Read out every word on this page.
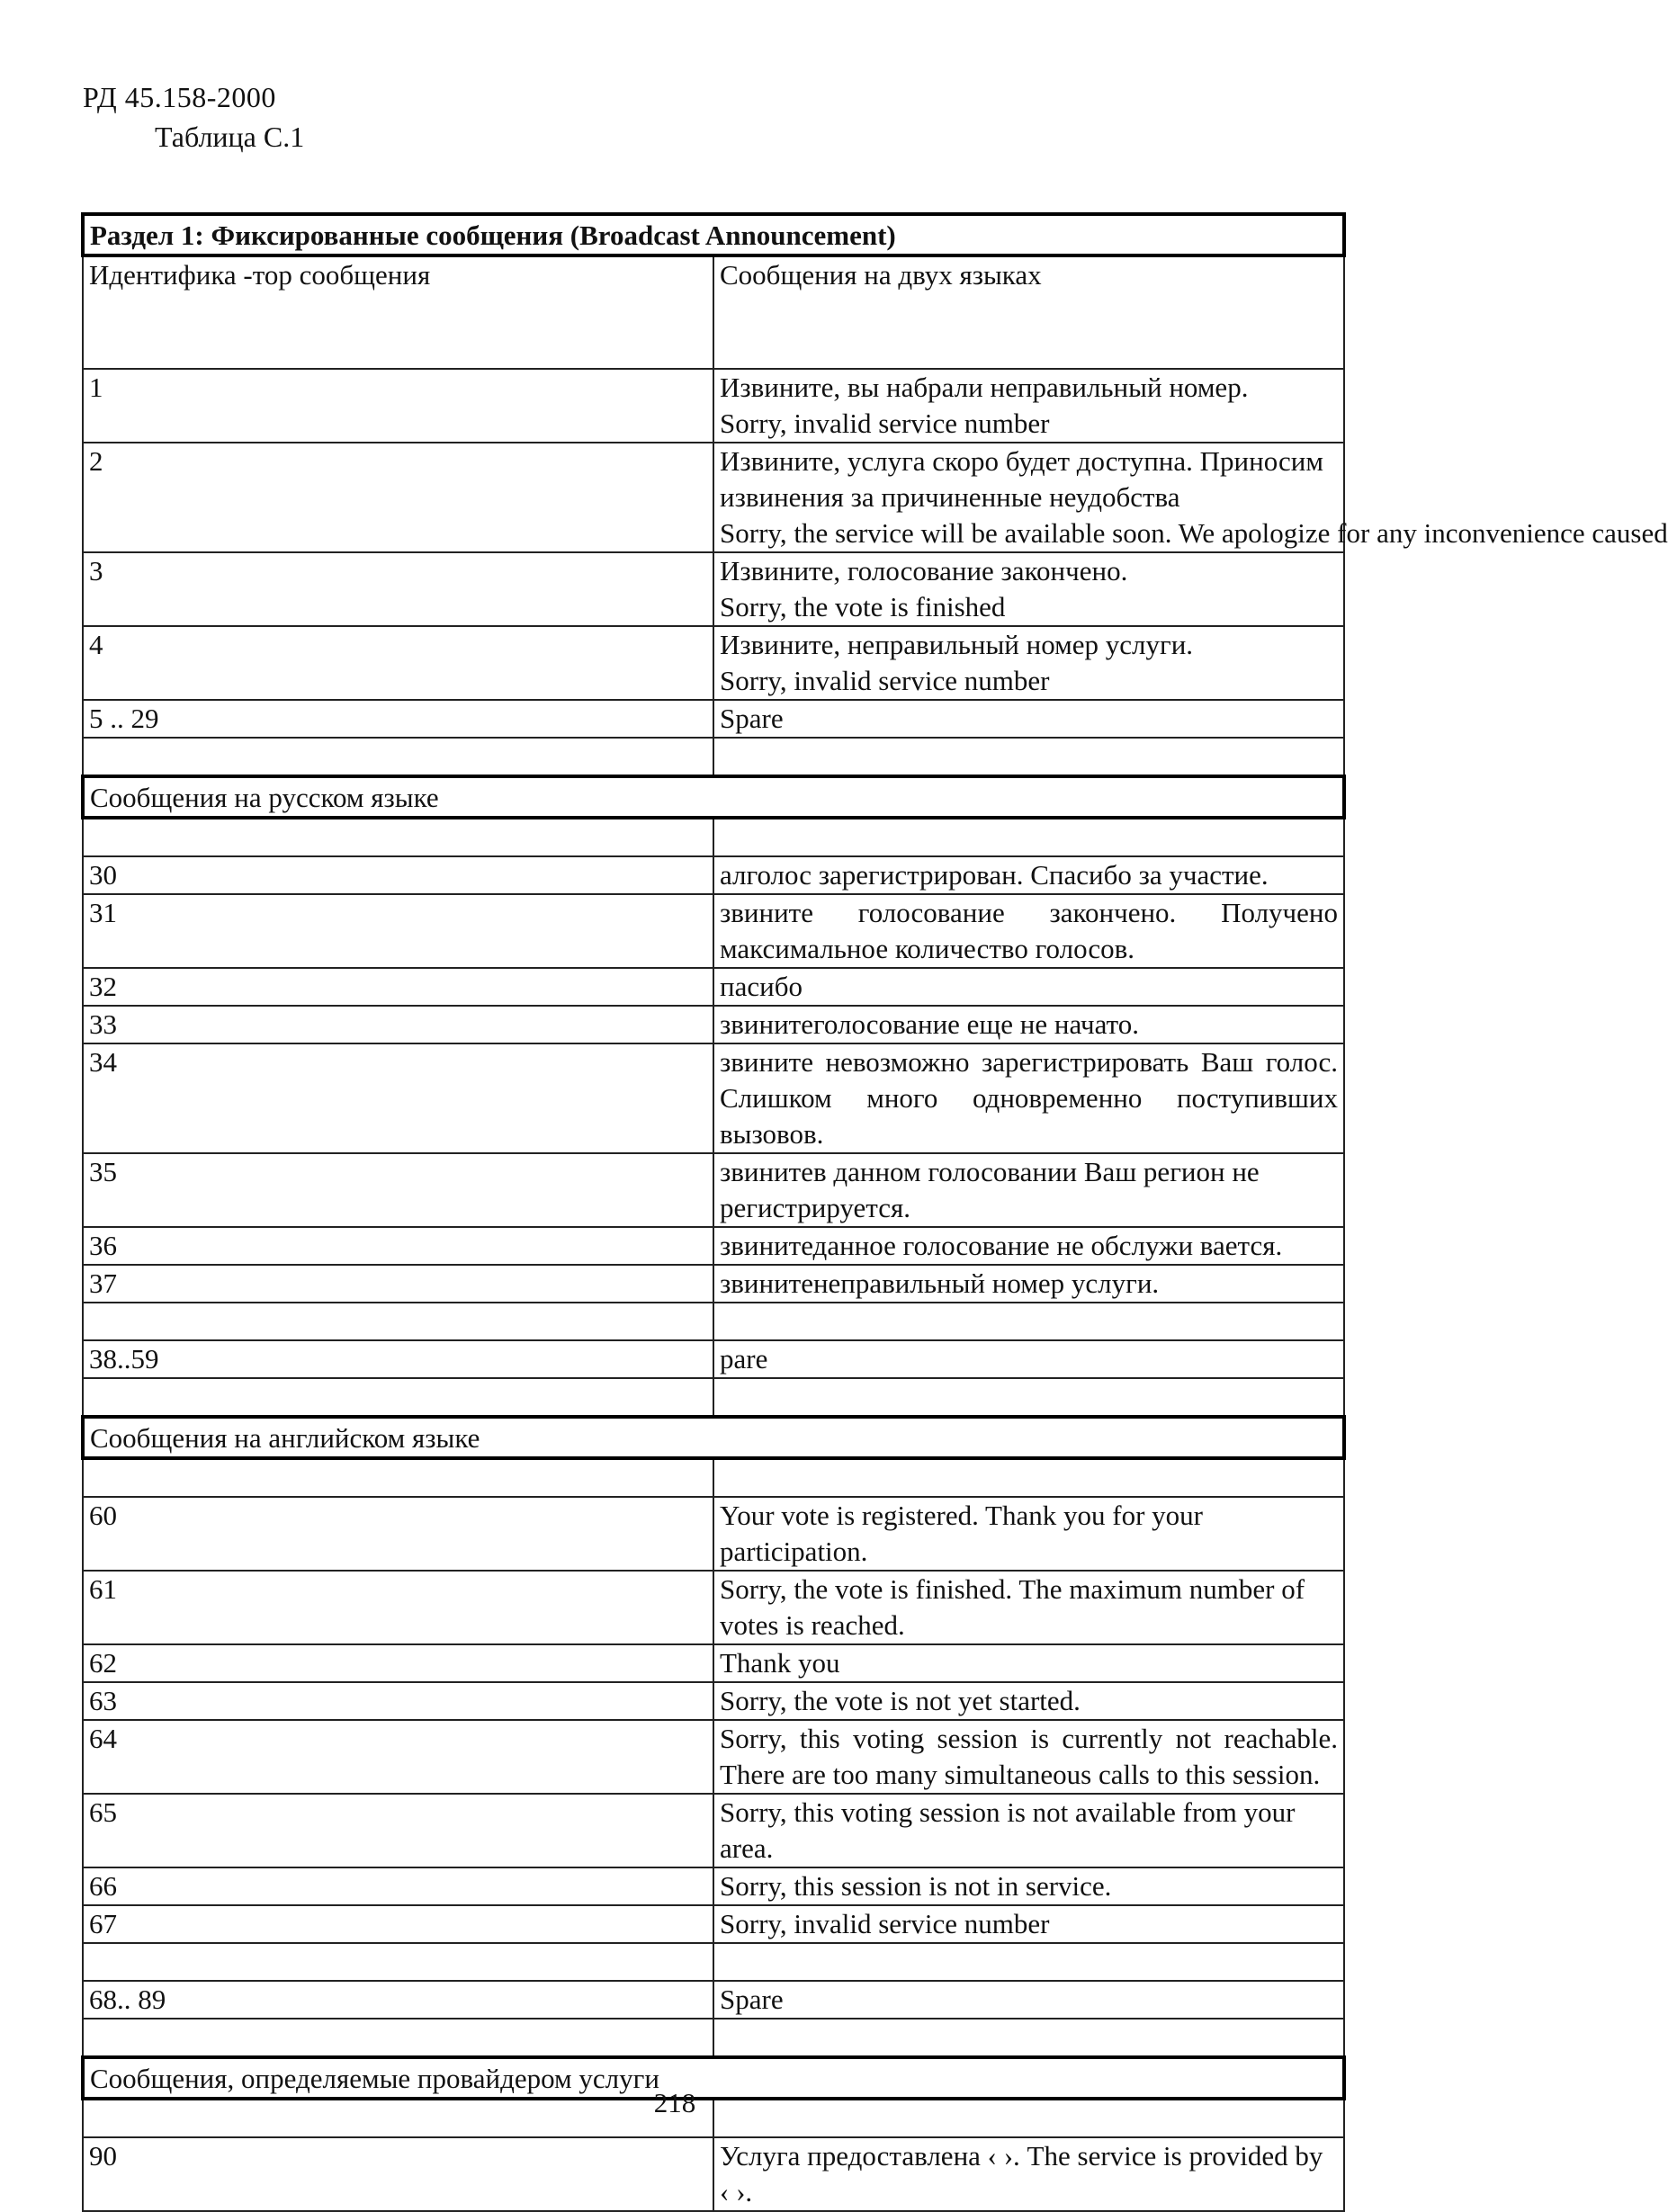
РД 45.158-2000
Таблица С.1
Раздел 1: Фиксированные сообщения (Broadcast Announcement)	
Идентифика -тор сообщения	Сообщения на двух языках
1	Извините, вы набрали неправильный номер.
Sorry, invalid service number

2	Извините, услуга скоро будет доступна. Приносим извинения за причиненные неудобства
Sorry, the service will be available soon. We apologize for any inconvenience caused

3	Извините, голосование закончено.
Sorry, the vote is finished

4	Извините, неправильный номер услуги.
Sorry, invalid service number

5 .. 29	Spare

Сообщения на русском языке	

30	алголос зарегистрирован. Спасибо за участие.
31	звините голосование закончено. Получено максимальное количество голосов.
32	пасибо
33	звинитеголосование еще не начато.
34	звините невозможно зарегистрировать Ваш голос. Слишком много одновременно поступивших вызовов.
35	звинитев данном голосовании Ваш регион не регистрируется.
36	звинитеданное голосование не обслужи вается.
37	звинитенеправильный номер услуги.

38..59	pare

Сообщения на английском языке	

60	Your vote is registered. Thank you for your participation.
61	Sorry, the vote is finished. The maximum number of votes is reached.
62	Thank you
63	Sorry, the vote is not yet started.
64	Sorry, this voting session is currently not reachable. There are too many simultaneous calls to this session.
65	Sorry, this voting session is not available from your area.
66	Sorry, this session is not in service.
67	Sorry, invalid service number

68.. 89	Spare

Сообщения, определяемые провайдером услуги	

90	Услуга предоставлена ‹ ›. The service is provided by ‹ ›.
218
